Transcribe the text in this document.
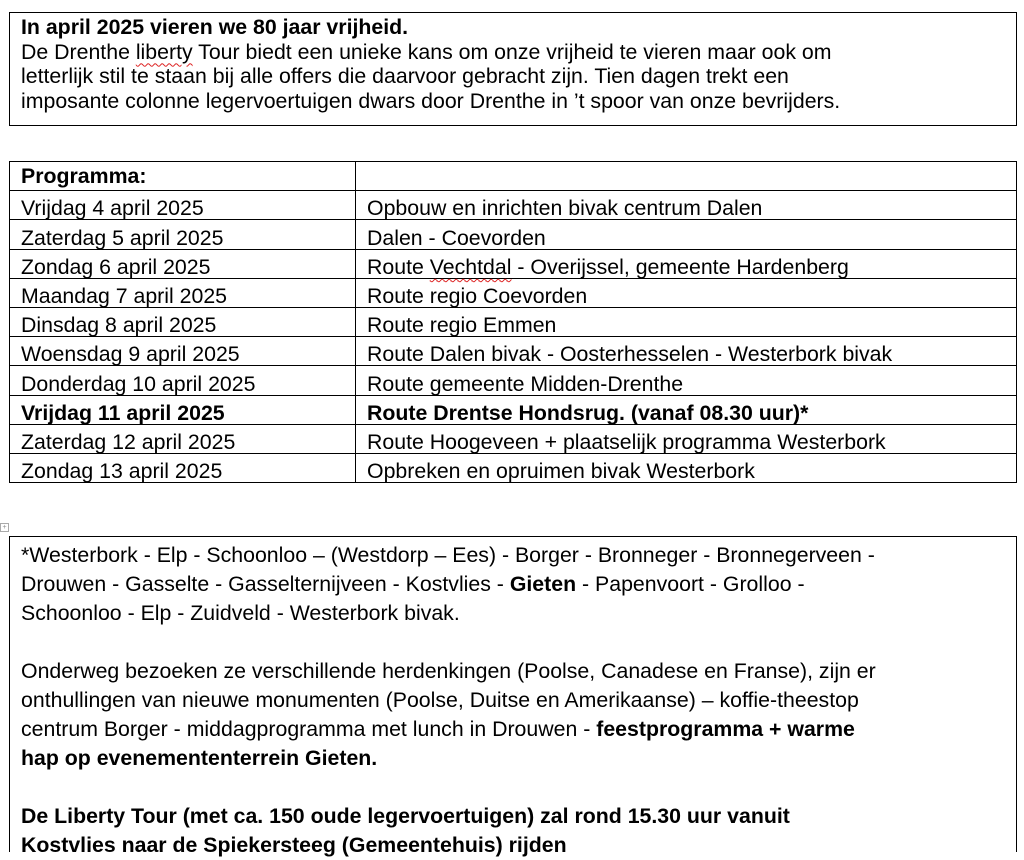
In april 2025 vieren we 80 jaar vrijheid.

De Drenthe liberty Tour biedt een unieke kans om onze vrijheid te vieren maar ook om

letterlijk stil te staan bij alle offers die daarvoor gebracht zijn. Tien dagen trekt een

imposante colonne legervoertuigen dwars door Drenthe in ’t spoor van onze bevrijders.

Programma:	
Vrijdag 4 april 2025	Opbouw en inrichten bivak centrum Dalen
Zaterdag 5 april 2025	Dalen - Coevorden
Zondag 6 april 2025	Route Vechtdal - Overijssel, gemeente Hardenberg
Maandag 7 april 2025	Route regio Coevorden
Dinsdag 8 april 2025	Route regio Emmen
Woensdag 9 april 2025	Route Dalen bivak - Oosterhesselen - Westerbork bivak
Donderdag 10 april 2025	Route gemeente Midden-Drenthe
Vrijdag 11 april 2025	Route Drentse Hondsrug. (vanaf 08.30 uur)*
Zaterdag 12 april 2025	Route Hoogeveen + plaatselijk programma Westerbork
Zondag 13 april 2025	Opbreken en opruimen bivak Westerbork
+

*Westerbork - Elp - Schoonloo – (Westdorp – Ees) - Borger - Bronneger - Bronnegerveen -

Drouwen - Gasselte - Gasselternijveen - Kostvlies - Gieten - Papenvoort - Grolloo -

Schoonloo - Elp - Zuidveld - Westerbork bivak.

Onderweg bezoeken ze verschillende herdenkingen (Poolse, Canadese en Franse), zijn er

onthullingen van nieuwe monumenten (Poolse, Duitse en Amerikaanse) – koffie-theestop

centrum Borger - middagprogramma met lunch in Drouwen - feestprogramma + warme

hap op evenemententerrein Gieten.

De Liberty Tour (met ca. 150 oude legervoertuigen) zal rond 15.30 uur vanuit

Kostvlies naar de Spiekersteeg (Gemeentehuis) rijden
